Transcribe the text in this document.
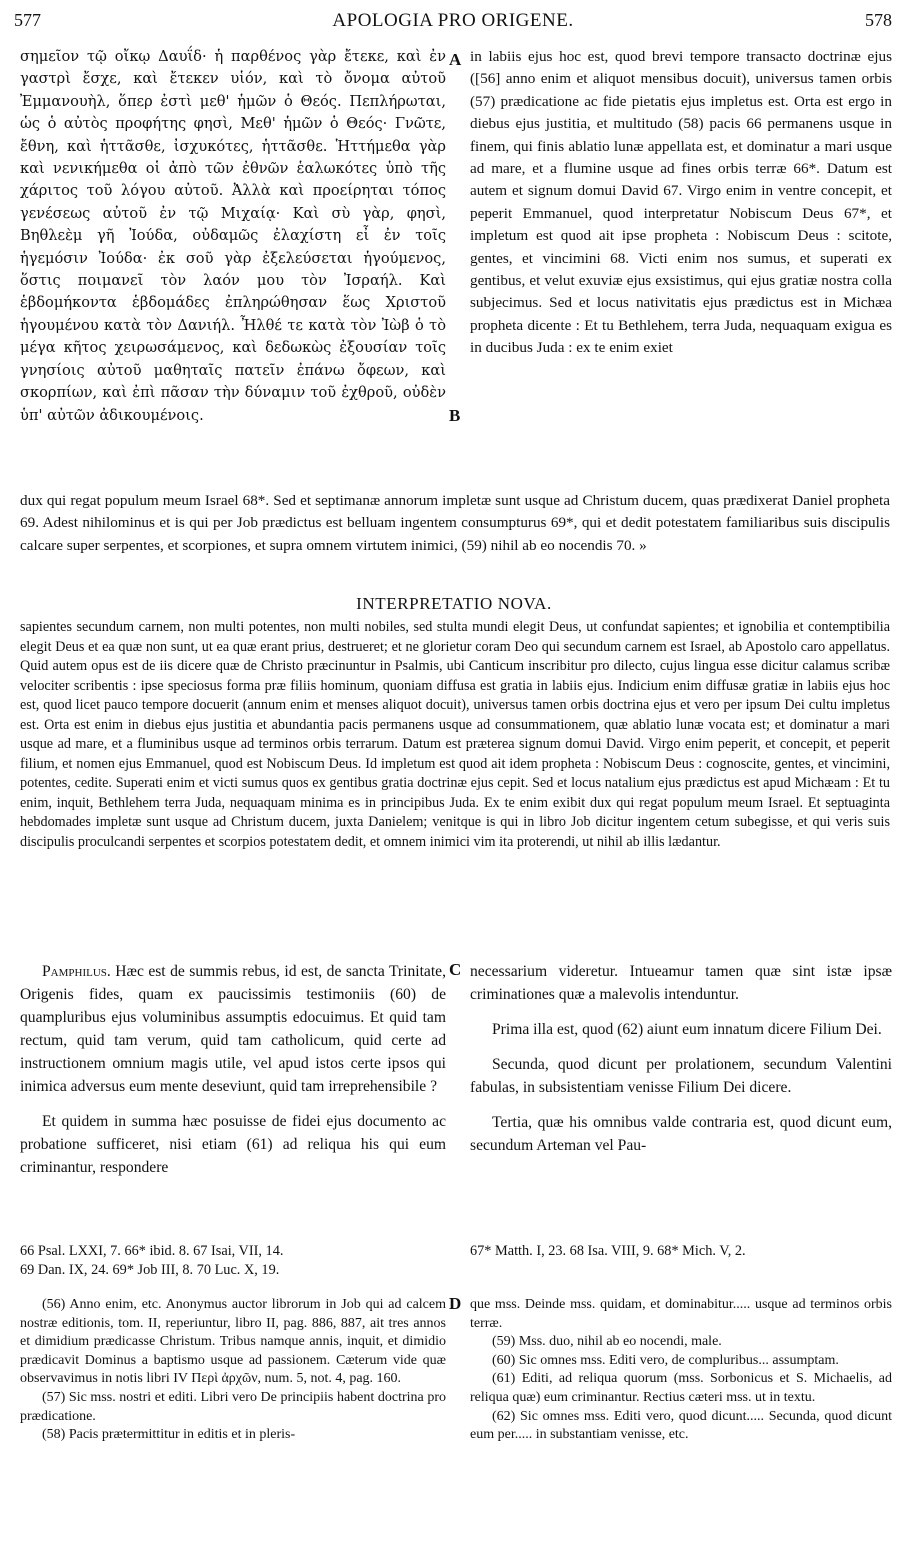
577	APOLOGIA PRO ORIGENE.	578
σημεῖον τῷ οἴκῳ Δαυΐδ· ἡ παρθένος γὰρ ἔτεκε, καὶ ἐν γαστρὶ ἔσχε, καὶ ἔτεκεν υἱόν, καὶ τὸ ὄνομα αὐτοῦ Ἐμμανουὴλ, ὅπερ ἐστὶ μεθ' ἡμῶν ὁ Θεός. Πεπλήρωται, ὡς ὁ αὐτὸς προφήτης φησὶ, Μεθ' ἡμῶν ὁ Θεός· Γνῶτε, ἔθνη, καὶ ἡττᾶσθε, ἰσχυκότες, ἡττᾶσθε. Ἡττήμεθα γὰρ καὶ νενικήμεθα οἱ ἀπὸ τῶν ἐθνῶν ἑαλωκότες ὑπὸ τῆς χάριτος τοῦ λόγου αὐτοῦ. Ἀλλὰ καὶ προείρηται τόπος γενέσεως αὐτοῦ ἐν τῷ Μιχαίᾳ· Καὶ σὺ γὰρ, φησὶ, Βηθλεὲμ γῆ Ἰούδα, οὐδαμῶς ἐλαχίστη εἶ ἐν τοῖς ἡγεμόσιν Ἰούδα· ἐκ σοῦ γὰρ ἐξελεύσεται ἡγούμενος, ὅστις ποιμανεῖ τὸν λαόν μου τὸν Ἰσραήλ. Καὶ ἑβδομήκοντα ἑβδομάδες ἐπληρώθησαν ἕως Χριστοῦ ἡγουμένου κατὰ τὸν Δανιήλ. Ἦλθέ τε κατὰ τὸν Ἰὼβ ὁ τὸ μέγα κῆτος χειρωσάμενος, καὶ δεδωκὼς ἐξουσίαν τοῖς γνησίοις αὐτοῦ μαθηταῖς πατεῖν ἐπάνω ὄφεων, καὶ σκορπίων, καὶ ἐπὶ πᾶσαν τὴν δύναμιν τοῦ ἐχθροῦ, οὐδὲν ὑπ' αὐτῶν ἀδικουμένοις.
A
B
in labiis ejus hoc est, quod brevi tempore transacto doctrinæ ejus ([56] anno enim et aliquot mensibus docuit), universus tamen orbis (57) prædicatione ac fide pietatis ejus impletus est. Orta est ergo in diebus ejus justitia, et multitudo (58) pacis 66 permanens usque in finem, qui finis ablatio lunæ appellata est, et dominatur a mari usque ad mare, et a flumine usque ad fines orbis terræ 66*. Datum est autem et signum domui David 67. Virgo enim in ventre concepit, et peperit Emmanuel, quod interpretatur Nobiscum Deus 67*, et impletum est quod ait ipse propheta : Nobiscum Deus : scitote, gentes, et vincimini 68. Victi enim nos sumus, et superati ex gentibus, et velut exuviæ ejus exsistimus, qui ejus gratiæ nostra colla subjecimus. Sed et locus nativitatis ejus prædictus est in Michæa propheta dicente : Et tu Bethlehem, terra Juda, nequaquam exigua es in ducibus Juda : ex te enim exiet
dux qui regat populum meum Israel 68*. Sed et septimanæ annorum impletæ sunt usque ad Christum ducem, quas prædixerat Daniel propheta 69. Adest nihilominus et is qui per Job prædictus est belluam ingentem consumpturus 69*, qui et dedit potestatem familiaribus suis discipulis calcare super serpentes, et scorpiones, et supra omnem virtutem inimici, (59) nihil ab eo nocendis 70. »
INTERPRETATIO NOVA.
sapientes secundum carnem, non multi potentes, non multi nobiles, sed stulta mundi elegit Deus, ut confundat sapientes; et ignobilia et contemptibilia elegit Deus et ea quæ non sunt, ut ea quæ erant prius, destrueret; et ne glorietur coram Deo qui secundum carnem est Israel, ab Apostolo caro appellatus. Quid autem opus est de iis dicere quæ de Christo præcinuntur in Psalmis, ubi Canticum inscribitur pro dilecto, cujus lingua esse dicitur calamus scribæ velociter scribentis : ipse speciosus forma præ filiis hominum, quoniam diffusa est gratia in labiis ejus. Indicium enim diffusæ gratiæ in labiis ejus hoc est, quod licet pauco tempore docuerit (annum enim et menses aliquot docuit), universus tamen orbis doctrina ejus et vero per ipsum Dei cultu impletus est. Orta est enim in diebus ejus justitia et abundantia pacis permanens usque ad consummationem, quæ ablatio lunæ vocata est; et dominatur a mari usque ad mare, et a fluminibus usque ad terminos orbis terrarum. Datum est præterea signum domui David. Virgo enim peperit, et concepit, et peperit filium, et nomen ejus Emmanuel, quod est Nobiscum Deus. Id impletum est quod ait idem propheta : Nobiscum Deus : cognoscite, gentes, et vincimini, potentes, cedite. Superati enim et victi sumus quos ex gentibus gratia doctrinæ ejus cepit. Sed et locus natalium ejus prædictus est apud Michæam : Et tu enim, inquit, Bethlehem terra Juda, nequaquam minima es in principibus Juda. Ex te enim exibit dux qui regat populum meum Israel. Et septuaginta hebdomades impletæ sunt usque ad Christum ducem, juxta Danielem; venitque is qui in libro Job dicitur ingentem cetum subegisse, et qui veris suis discipulis proculcandi serpentes et scorpios potestatem dedit, et omnem inimici vim ita proterendi, ut nihil ab illis lædantur.

Pamphilus. Hæc est de summis rebus, id est, de sancta Trinitate, Origenis fides, quam ex paucissimis testimoniis (60) de quampluribus ejus voluminibus assumptis edocuimus. Et quid tam rectum, quid tam verum, quid tam catholicum, quid certe ad instructionem omnium magis utile, vel apud istos certe ipsos qui inimica adversus eum mente deseviunt, quid tam irreprehensibile ?

Et quidem in summa hæc posuisse de fidei ejus documento ac probatione sufficeret, nisi etiam (61) ad reliqua his qui eum criminantur, respondere

C necessarium videretur. Intueamur tamen quæ sint istæ ipsæ criminationes quæ a malevolis intenduntur.

Prima illa est, quod (62) aiunt eum innatum dicere Filium Dei.

Secunda, quod dicunt per prolationem, secundum Valentini fabulas, in subsistentiam venisse Filium Dei dicere.

Tertia, quæ his omnibus valde contraria est, quod dicunt eum, secundum Arteman vel Pau-

66 Psal. LXXI, 7. 66* ibid. 8. 67 Isai, VII, 14.
69 Dan. IX, 24. 69* Job III, 8. 70 Luc. X, 19.
67* Matth. I, 23. 68 Isa. VIII, 9. 68* Mich. V, 2.

(56) Anno enim, etc. Anonymus auctor librorum in Job qui ad calcem nostræ editionis, tom. II, reperiuntur, libro II, pag. 886, 887, ait tres annos et dimidium prædicasse Christum. Tribus namque annis, inquit, et dimidio prædicavit Dominus a baptismo usque ad passionem. Cæterum vide quæ observavimus in notis libri IV Περὶ ἀρχῶν, num. 5, not. 4, pag. 160.

(57) Sic mss. nostri et editi. Libri vero De principiis habent doctrina pro prædicatione.

(58) Pacis prætermittitur in editis et in pleris-

D que mss. Deinde mss. quidam, et dominabitur..... usque ad terminos orbis terræ.

(59) Mss. duo, nihil ab eo nocendi, male.

(60) Sic omnes mss. Editi vero, de compluribus... assumptam.

(61) Editi, ad reliqua quorum (mss. Sorbonicus et S. Michaelis, ad reliqua quæ) eum criminantur. Rectius cæteri mss. ut in textu.

(62) Sic omnes mss. Editi vero, quod dicunt..... Secunda, quod dicunt eum per..... in substantiam venisse, etc.
